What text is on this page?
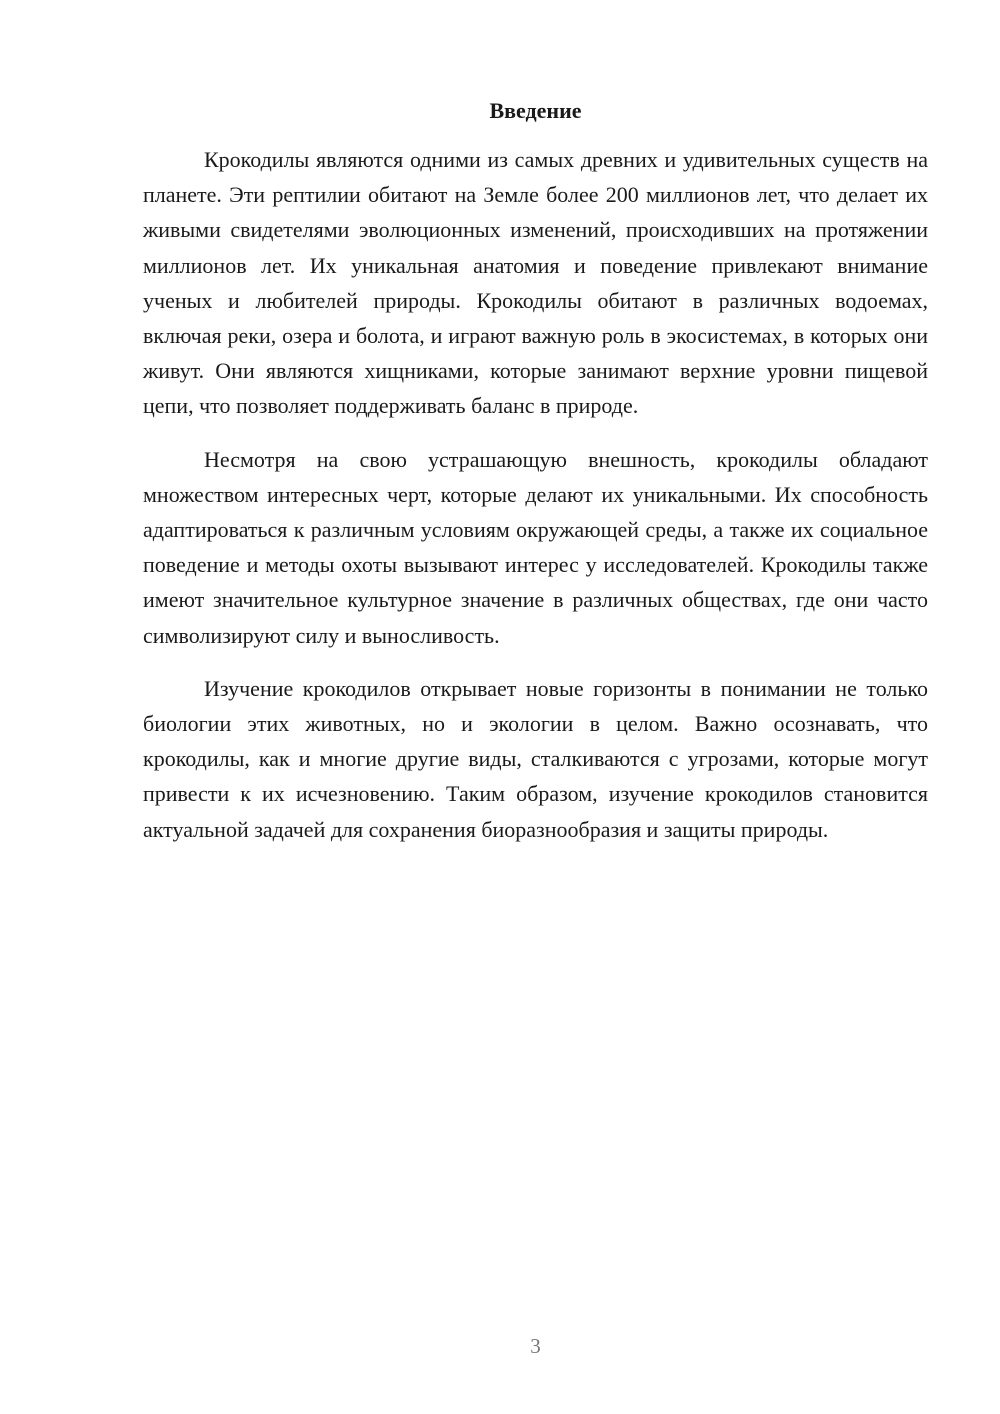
Введение

Крокодилы являются одними из самых древних и удивительных существ на планете. Эти рептилии обитают на Земле более 200 миллионов лет, что делает их живыми свидетелями эволюционных изменений, происходивших на протяжении миллионов лет. Их уникальная анатомия и поведение привлекают внимание ученых и любителей природы. Крокодилы обитают в различных водоемах, включая реки, озера и болота, и играют важную роль в экосистемах, в которых они живут. Они являются хищниками, которые занимают верхние уровни пищевой цепи, что позволяет поддерживать баланс в природе.

Несмотря на свою устрашающую внешность, крокодилы обладают множеством интересных черт, которые делают их уникальными. Их способность адаптироваться к различным условиям окружающей среды, а также их социальное поведение и методы охоты вызывают интерес у исследователей. Крокодилы также имеют значительное культурное значение в различных обществах, где они часто символизируют силу и выносливость.

Изучение крокодилов открывает новые горизонты в понимании не только биологии этих животных, но и экологии в целом. Важно осознавать, что крокодилы, как и многие другие виды, сталкиваются с угрозами, которые могут привести к их исчезновению. Таким образом, изучение крокодилов становится актуальной задачей для сохранения биоразнообразия и защиты природы.

3
